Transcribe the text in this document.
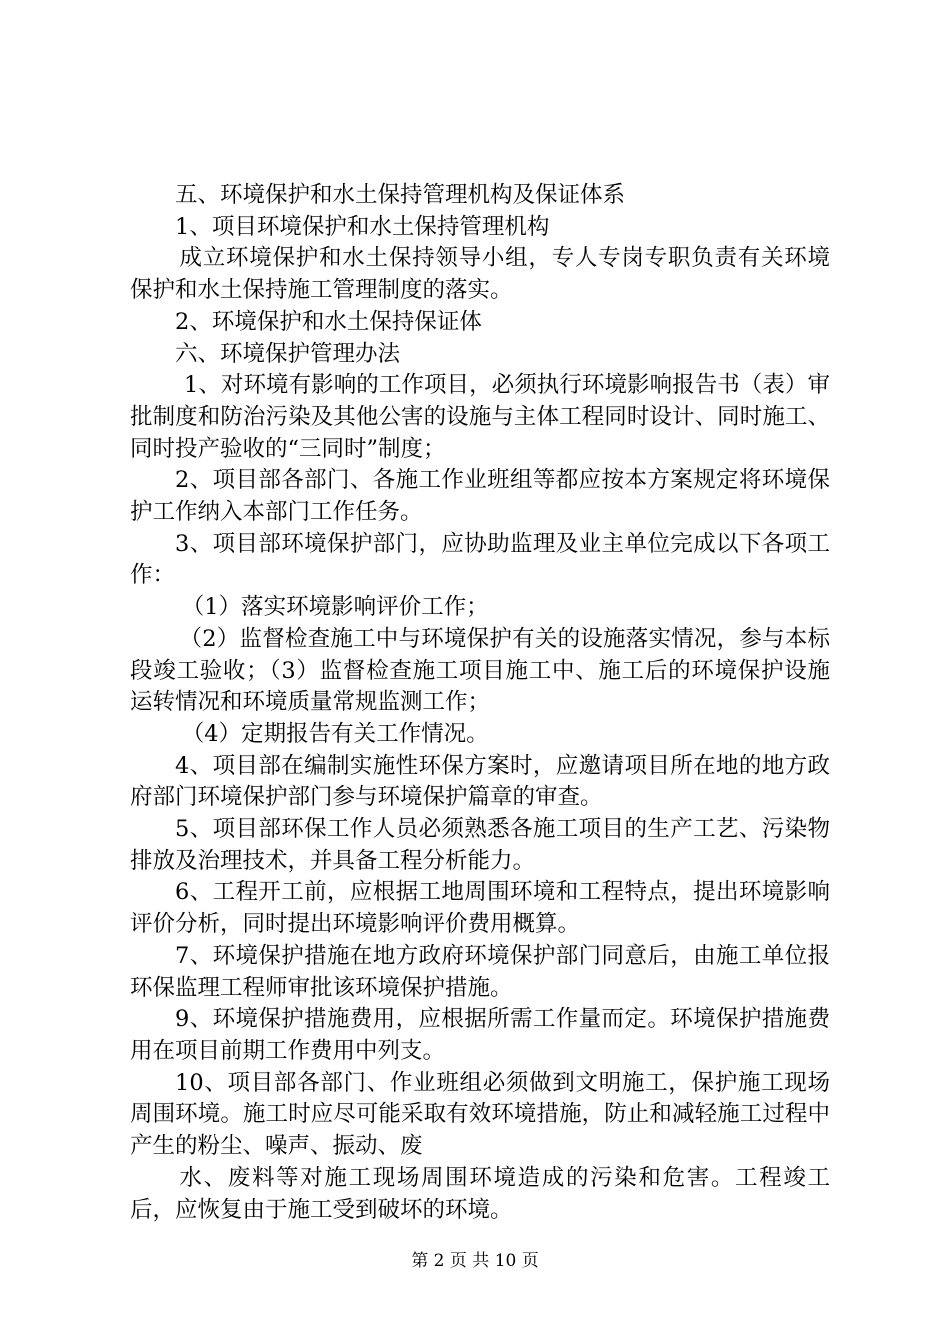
五、环境保护和水土保持管理机构及保证体系

1、项目环境保护和水土保持管理机构

成立环境保护和水土保持领导小组，专人专岗专职负责有关环境保护和水土保持施工管理制度的落实。

2、环境保护和水土保持保证体

六、环境保护管理办法

1、对环境有影响的工作项目，必须执行环境影响报告书（表）审批制度和防治污染及其他公害的设施与主体工程同时设计、同时施工、同时投产验收的“三同时”制度；

2、项目部各部门、各施工作业班组等都应按本方案规定将环境保护工作纳入本部门工作任务。

3、项目部环境保护部门，应协助监理及业主单位完成以下各项工作：

（1）落实环境影响评价工作；

（2）监督检查施工中与环境保护有关的设施落实情况，参与本标段竣工验收；（3）监督检查施工项目施工中、施工后的环境保护设施运转情况和环境质量常规监测工作；

（4）定期报告有关工作情况。

4、项目部在编制实施性环保方案时，应邀请项目所在地的地方政府部门环境保护部门参与环境保护篇章的审查。

5、项目部环保工作人员必须熟悉各施工项目的生产工艺、污染物排放及治理技术，并具备工程分析能力。

6、工程开工前，应根据工地周围环境和工程特点，提出环境影响评价分析，同时提出环境影响评价费用概算。

7、环境保护措施在地方政府环境保护部门同意后，由施工单位报环保监理工程师审批该环境保护措施。

9、环境保护措施费用，应根据所需工作量而定。环境保护措施费用在项目前期工作费用中列支。

10、项目部各部门、作业班组必须做到文明施工，保护施工现场周围环境。施工时应尽可能采取有效环境措施，防止和减轻施工过程中产生的粉尘、噪声、振动、废

水、废料等对施工现场周围环境造成的污染和危害。工程竣工后，应恢复由于施工受到破坏的环境。

第 2 页 共 10 页
